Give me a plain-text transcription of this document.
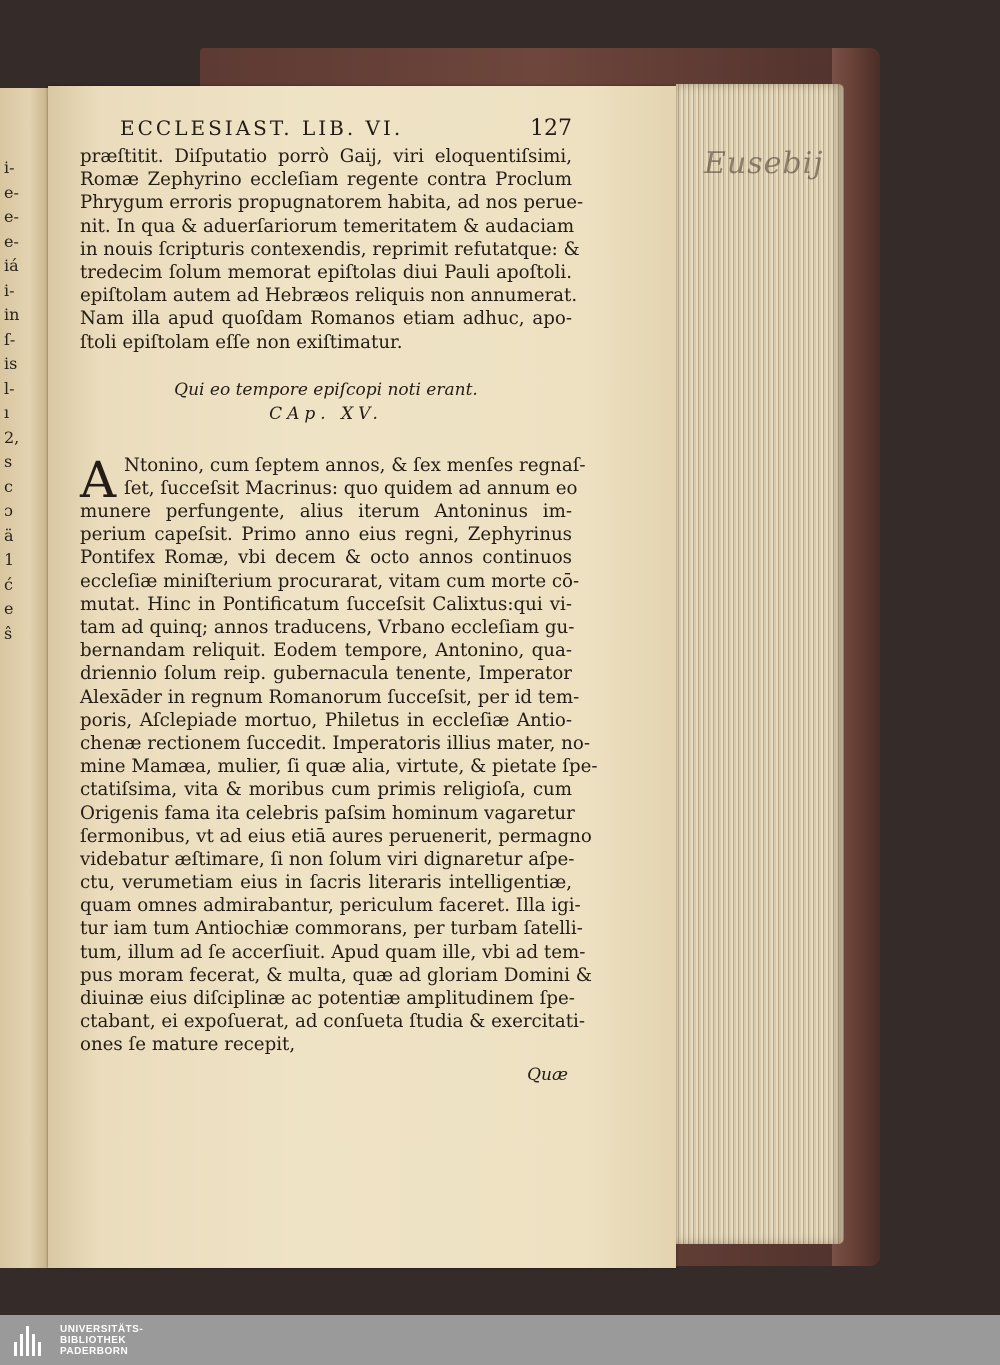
i-
e-
e-
e-
iá
i-
in
ſ-
is
l-
ı
2,
s
c
ɔ
ä
1
ć
e
ŝ
Eusebij
ECCLESIAST. LIB. VI.	127
præſtitit. Diſputatio porrò Gaij, viri eloquentiſsimi,
Romæ Zephyrino eccleſiam regente contra Proclum
Phrygum erroris propugnatorem habita, ad nos perue-
nit. In qua & aduerſariorum temeritatem & audaciam
in nouis ſcripturis contexendis, reprimit refutatque: &
tredecim ſolum memorat epiſtolas diui Pauli apoſtoli.
epiſtolam autem ad Hebræos reliquis non annumerat.
Nam illa apud quoſdam Romanos etiam adhuc, apo-
ſtoli epiſtolam eſſe non exiſtimatur.
Qui eo tempore epiſcopi noti erant.
CAp. XV.
A Ntonino, cum ſeptem annos, & ſex menſes regnaſ-
ſet, ſucceſsit Macrinus: quo quidem ad annum eo
munere perfungente, alius iterum Antoninus im-
perium capeſsit. Primo anno eius regni, Zephyrinus
Pontifex Romæ, vbi decem & octo annos continuos
eccleſiæ miniſterium procurarat, vitam cum morte cō-
mutat. Hinc in Pontificatum ſucceſsit Calixtus:qui vi-
tam ad quinq; annos traducens, Vrbano eccleſiam gu-
bernandam reliquit. Eodem tempore, Antonino, qua-
driennio ſolum reip. gubernacula tenente, Imperator
Alexāder in regnum Romanorum ſucceſsit, per id tem-
poris, Aſclepiade mortuo, Philetus in eccleſiæ Antio-
chenæ rectionem ſuccedit. Imperatoris illius mater, no-
mine Mamæa, mulier, ſi quæ alia, virtute, & pietate ſpe-
ctatiſsima, vita & moribus cum primis religioſa, cum
Origenis fama ita celebris paſsim hominum vagaretur
ſermonibus, vt ad eius etiā aures peruenerit, permagno
videbatur æſtimare, ſi non ſolum viri dignaretur aſpe-
ctu, verumetiam eius in ſacris literaris intelligentiæ,
quam omnes admirabantur, periculum faceret. Illa igi-
tur iam tum Antiochiæ commorans, per turbam ſatelli-
tum, illum ad ſe accerſiuit. Apud quam ille, vbi ad tem-
pus moram fecerat, & multa, quæ ad gloriam Domini &
diuinæ eius diſciplinæ ac potentiæ amplitudinem ſpe-
ctabant, ei expoſuerat, ad conſueta ſtudia & exercitati-
ones ſe mature recepit,
Quæ
UNIVERSITÄTS-
BIBLIOTHEK
PADERBORN
